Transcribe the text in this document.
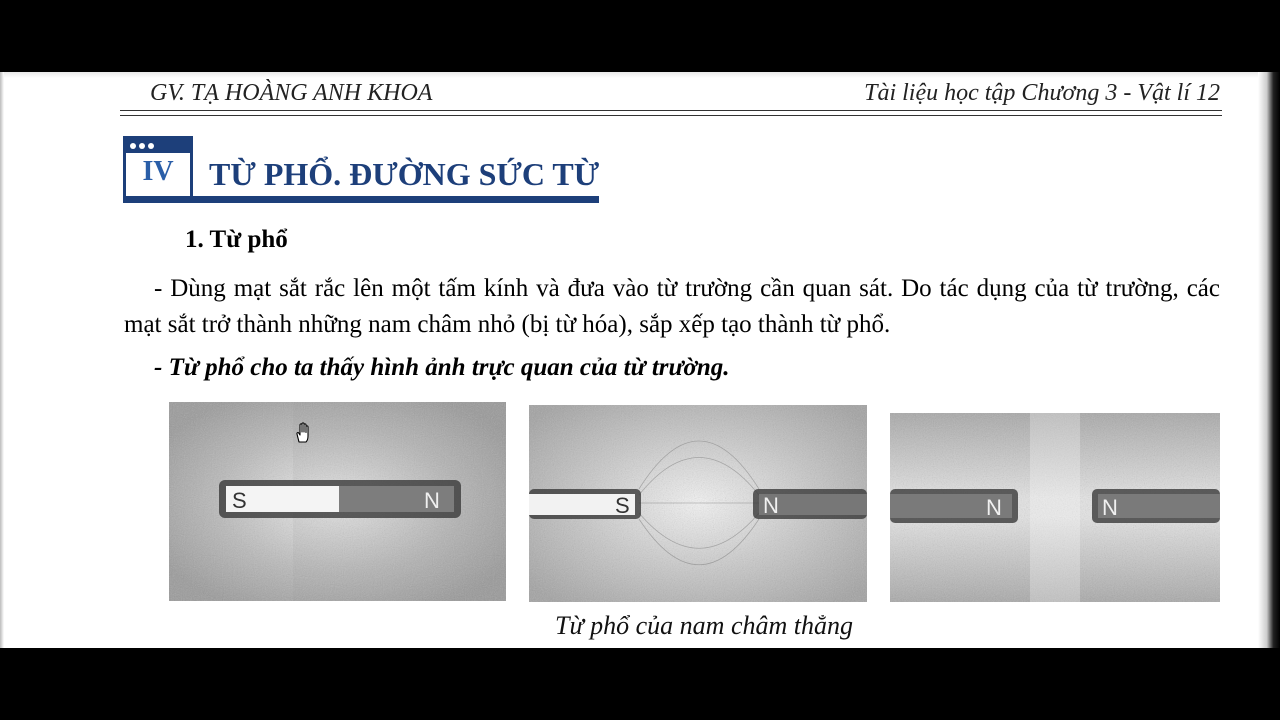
GV. TẠ HOÀNG ANH KHOA	Tài liệu học tập Chương 3 - Vật lí 12
IV	TỪ PHỔ. ĐƯỜNG SỨC TỪ
1. Từ phổ
- Dùng mạt sắt rắc lên một tấm kính và đưa vào từ trường cần quan sát. Do tác dụng của từ trường, các mạt sắt trở thành những nam châm nhỏ (bị từ hóa), sắp xếp tạo thành từ phổ.
- Từ phổ cho ta thấy hình ảnh trực quan của từ trường.
S	N	S	N	N	N
Từ phổ của nam châm thẳng
